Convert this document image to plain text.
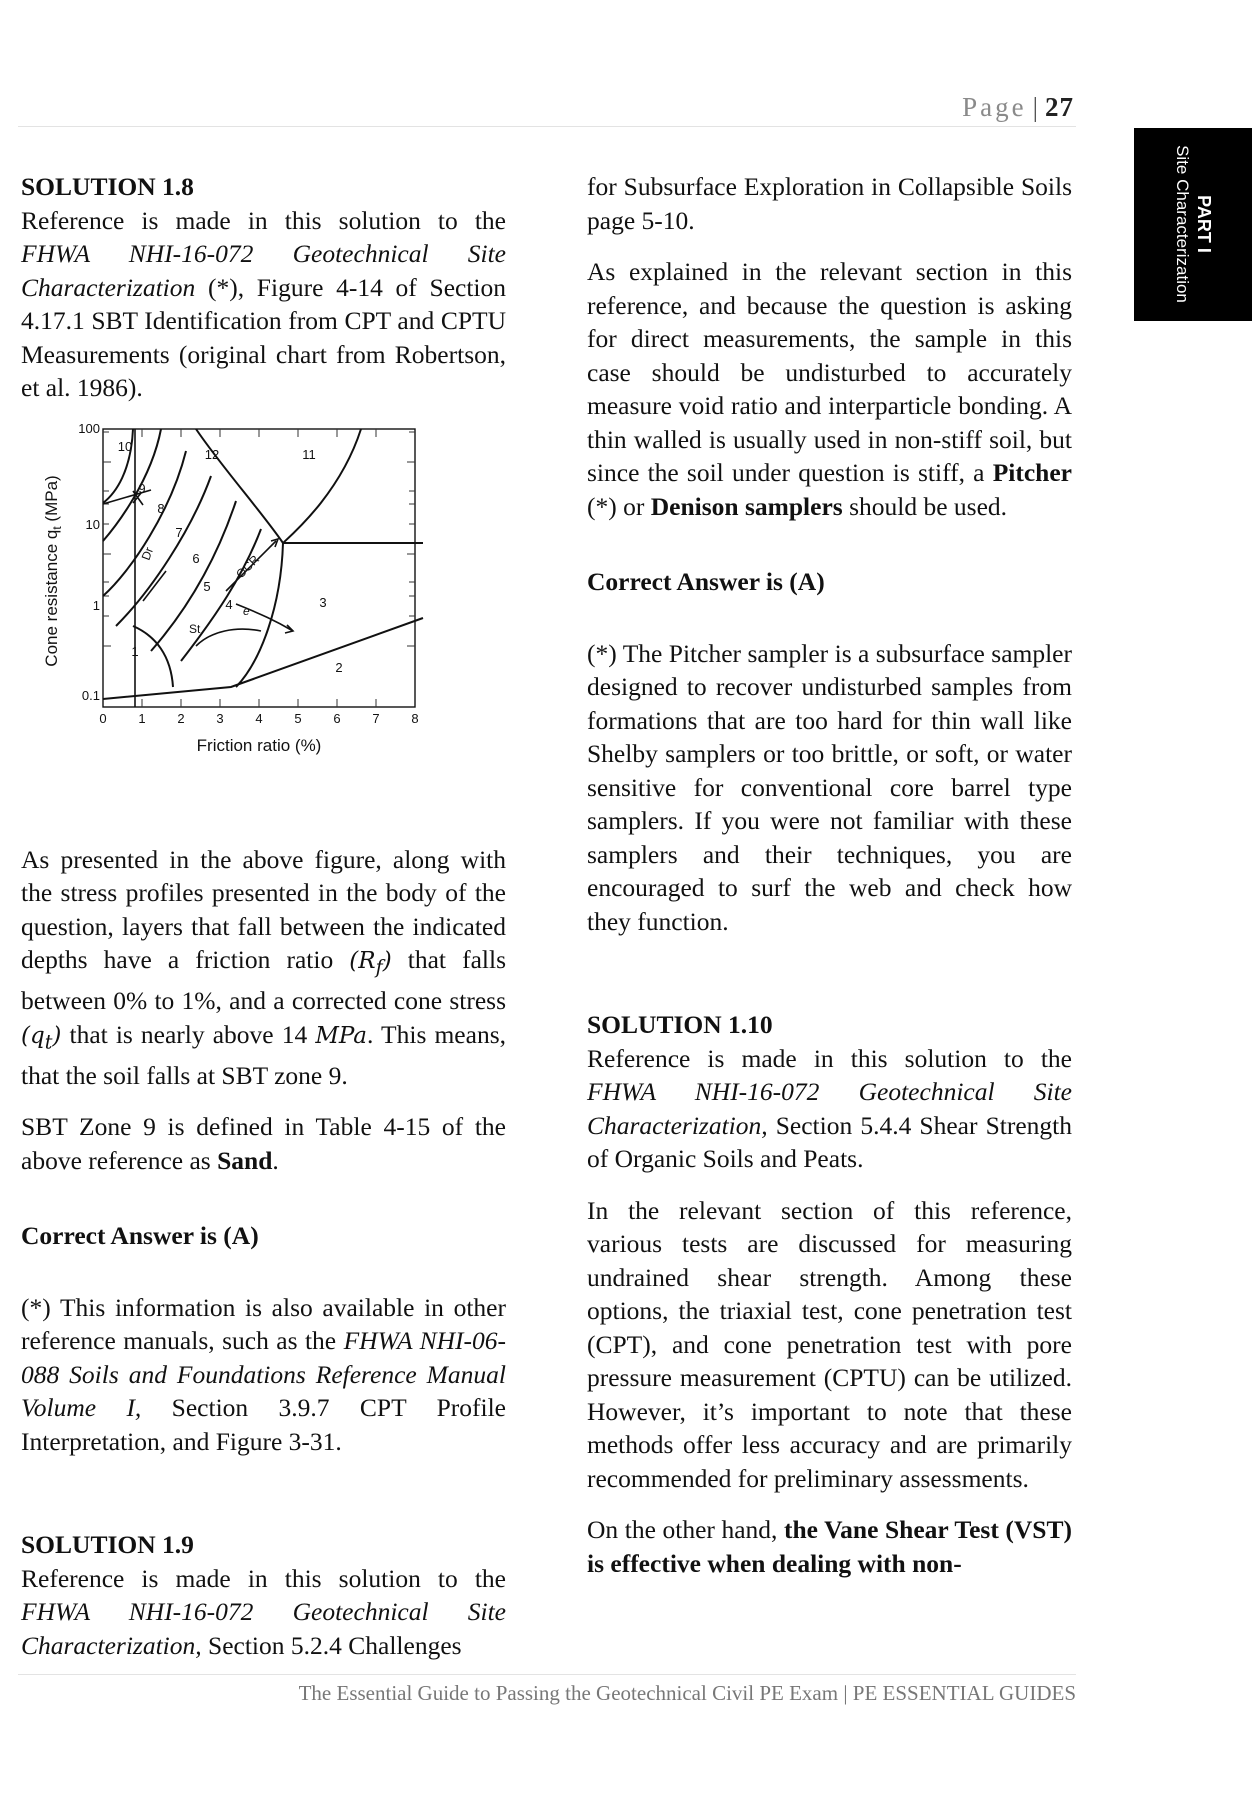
Page | 27
PART I
Site Characterization
SOLUTION 1.8

Reference is made in this solution to the FHWA NHI-16-072 Geotechnical Site Characterization (*), Figure 4-14 of Section 4.17.1 SBT Identification from CPT and CPTU Measurements (original chart from Robertson, et al. 1986).

10
12	11
9
8
7
6
5
4	3
2
1
Dr	OCR
St
e
100
10
1
0.1
0 1 2 3 4 5 6 7 8
Friction ratio (%)
Cone resistance $q_t$ (MPa)

As presented in the above figure, along with the stress profiles presented in the body of the question, layers that fall between the indicated depths have a friction ratio $(R_f)$ that falls between 0% to 1%, and a corrected cone stress $(q_t)$ that is nearly above 14 MPa. This means, that the soil falls at SBT zone 9.

SBT Zone 9 is defined in Table 4-15 of the above reference as Sand.

Correct Answer is (A)

(*) This information is also available in other reference manuals, such as the FHWA NHI-06-088 Soils and Foundations Reference Manual Volume I, Section 3.9.7 CPT Profile Interpretation, and Figure 3-31.

SOLUTION 1.9

Reference is made in this solution to the FHWA NHI-16-072 Geotechnical Site Characterization, Section 5.2.4 Challenges

for Subsurface Exploration in Collapsible Soils page 5-10.

As explained in the relevant section in this reference, and because the question is asking for direct measurements, the sample in this case should be undisturbed to accurately measure void ratio and interparticle bonding. A thin walled is usually used in non-stiff soil, but since the soil under question is stiff, a Pitcher (*) or Denison samplers should be used.

Correct Answer is (A)

(*) The Pitcher sampler is a subsurface sampler designed to recover undisturbed samples from formations that are too hard for thin wall like Shelby samplers or too brittle, or soft, or water sensitive for conventional core barrel type samplers. If you were not familiar with these samplers and their techniques, you are encouraged to surf the web and check how they function.

SOLUTION 1.10

Reference is made in this solution to the FHWA NHI-16-072 Geotechnical Site Characterization, Section 5.4.4 Shear Strength of Organic Soils and Peats.

In the relevant section of this reference, various tests are discussed for measuring undrained shear strength. Among these options, the triaxial test, cone penetration test (CPT), and cone penetration test with pore pressure measurement (CPTU) can be utilized. However, it’s important to note that these methods offer less accuracy and are primarily recommended for preliminary assessments.

On the other hand, the Vane Shear Test (VST) is effective when dealing with non-

The Essential Guide to Passing the Geotechnical Civil PE Exam | PE ESSENTIAL GUIDES
